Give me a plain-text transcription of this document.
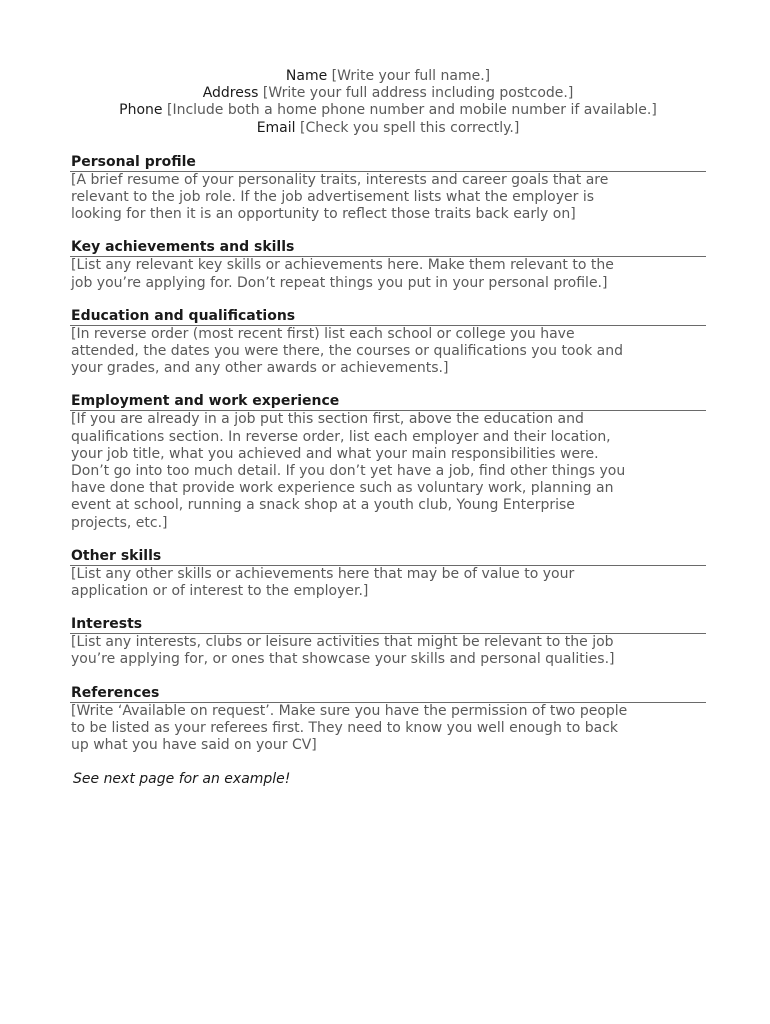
Name [Write your full name.]
Address [Write your full address including postcode.]
Phone [Include both a home phone number and mobile number if available.]
Email [Check you spell this correctly.]
Personal profile
[A brief resume of your personality traits, interests and career goals that are
relevant to the job role. If the job advertisement lists what the employer is
looking for then it is an opportunity to reflect those traits back early on]
Key achievements and skills
[List any relevant key skills or achievements here. Make them relevant to the
job you’re applying for. Don’t repeat things you put in your personal profile.]
Education and qualifications
[In reverse order (most recent first) list each school or college you have
attended, the dates you were there, the courses or qualifications you took and
your grades, and any other awards or achievements.]
Employment and work experience
[If you are already in a job put this section first, above the education and
qualifications section. In reverse order, list each employer and their location,
your job title, what you achieved and what your main responsibilities were.
Don’t go into too much detail. If you don’t yet have a job, find other things you
have done that provide work experience such as voluntary work, planning an
event at school, running a snack shop at a youth club, Young Enterprise
projects, etc.]
Other skills
[List any other skills or achievements here that may be of value to your
application or of interest to the employer.]
Interests
[List any interests, clubs or leisure activities that might be relevant to the job
you’re applying for, or ones that showcase your skills and personal qualities.]
References
[Write ‘Available on request’. Make sure you have the permission of two people
to be listed as your referees first. They need to know you well enough to back
up what you have said on your CV]
See next page for an example!
